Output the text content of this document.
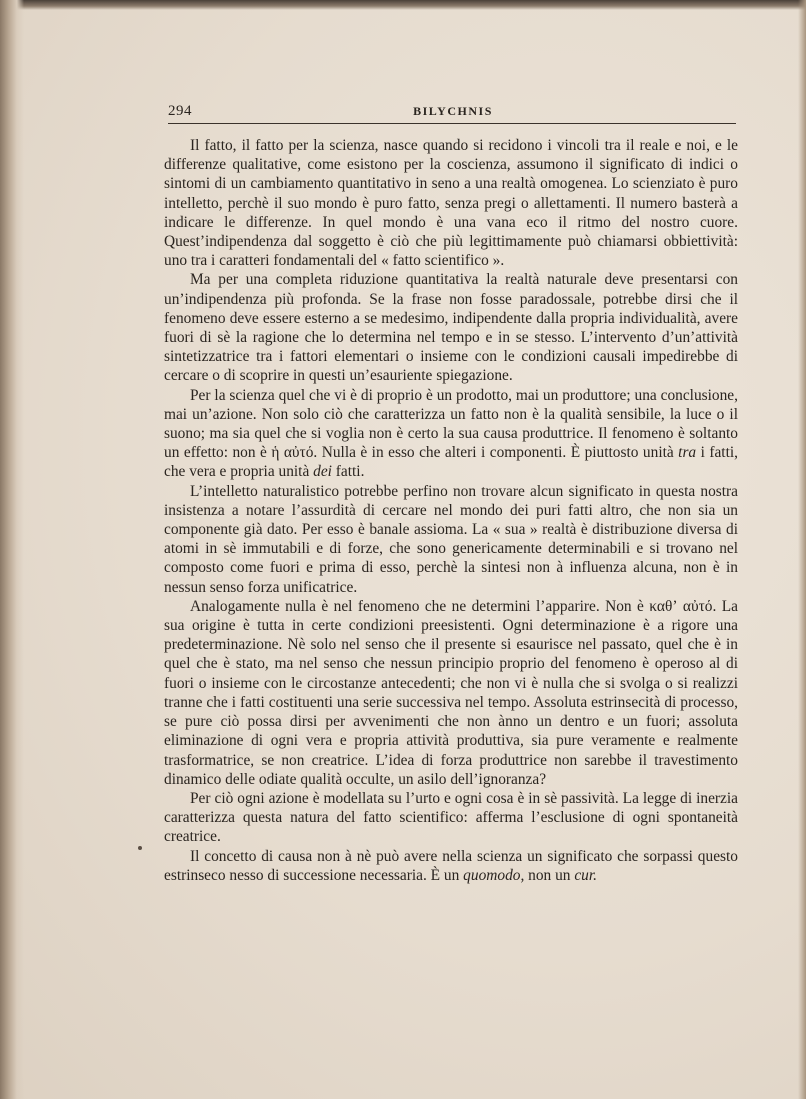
294	BILYCHNIS

Il fatto, il fatto per la scienza, nasce quando si recidono i vincoli tra il reale e noi, e le differenze qualitative, come esistono per la coscienza, assumono il significato di indici o sintomi di un cambiamento quantitativo in seno a una realtà omogenea. Lo scienziato è puro intelletto, perchè il suo mondo è puro fatto, senza pregi o allettamenti. Il numero basterà a indicare le differenze. In quel mondo è una vana eco il ritmo del nostro cuore. Quest’indipendenza dal soggetto è ciò che più legittimamente può chiamarsi obbiettività: uno tra i caratteri fondamentali del « fatto scientifico ».

Ma per una completa riduzione quantitativa la realtà naturale deve presentarsi con un’indipendenza più profonda. Se la frase non fosse paradossale, potrebbe dirsi che il fenomeno deve essere esterno a se medesimo, indipendente dalla propria individualità, avere fuori di sè la ragione che lo determina nel tempo e in se stesso. L’intervento d’un’attività sintetizzatrice tra i fattori elementari o insieme con le condizioni causali impedirebbe di cercare o di scoprire in questi un’esauriente spiegazione.

Per la scienza quel che vi è di proprio è un prodotto, mai un produttore; una conclusione, mai un’azione. Non solo ciò che caratterizza un fatto non è la qualità sensibile, la luce o il suono; ma sia quel che si voglia non è certo la sua causa produttrice. Il fenomeno è soltanto un effetto: non è ἡ αὐτό. Nulla è in esso che alteri i componenti. È piuttosto unità tra i fatti, che vera e propria unità dei fatti.

L’intelletto naturalistico potrebbe perfino non trovare alcun significato in questa nostra insistenza a notare l’assurdità di cercare nel mondo dei puri fatti altro, che non sia un componente già dato. Per esso è banale assioma. La « sua » realtà è distribuzione diversa di atomi in sè immutabili e di forze, che sono genericamente determinabili e si trovano nel composto come fuori e prima di esso, perchè la sintesi non à influenza alcuna, non è in nessun senso forza unificatrice.

Analogamente nulla è nel fenomeno che ne determini l’apparire. Non è καθʼ αὐτό. La sua origine è tutta in certe condizioni preesistenti. Ogni determinazione è a rigore una predeterminazione. Nè solo nel senso che il presente si esaurisce nel passato, quel che è in quel che è stato, ma nel senso che nessun principio proprio del fenomeno è operoso al di fuori o insieme con le circostanze antecedenti; che non vi è nulla che si svolga o si realizzi tranne che i fatti costituenti una serie successiva nel tempo. Assoluta estrinsecità di processo, se pure ciò possa dirsi per avvenimenti che non ànno un dentro e un fuori; assoluta eliminazione di ogni vera e propria attività produttiva, sia pure veramente e realmente trasformatrice, se non creatrice. L’idea di forza produttrice non sarebbe il travestimento dinamico delle odiate qualità occulte, un asilo dell’ignoranza?

Per ciò ogni azione è modellata su l’urto e ogni cosa è in sè passività. La legge di inerzia caratterizza questa natura del fatto scientifico: afferma l’esclusione di ogni spontaneità creatrice.

Il concetto di causa non à nè può avere nella scienza un significato che sorpassi questo estrinseco nesso di successione necessaria. È un quomodo, non un cur.
